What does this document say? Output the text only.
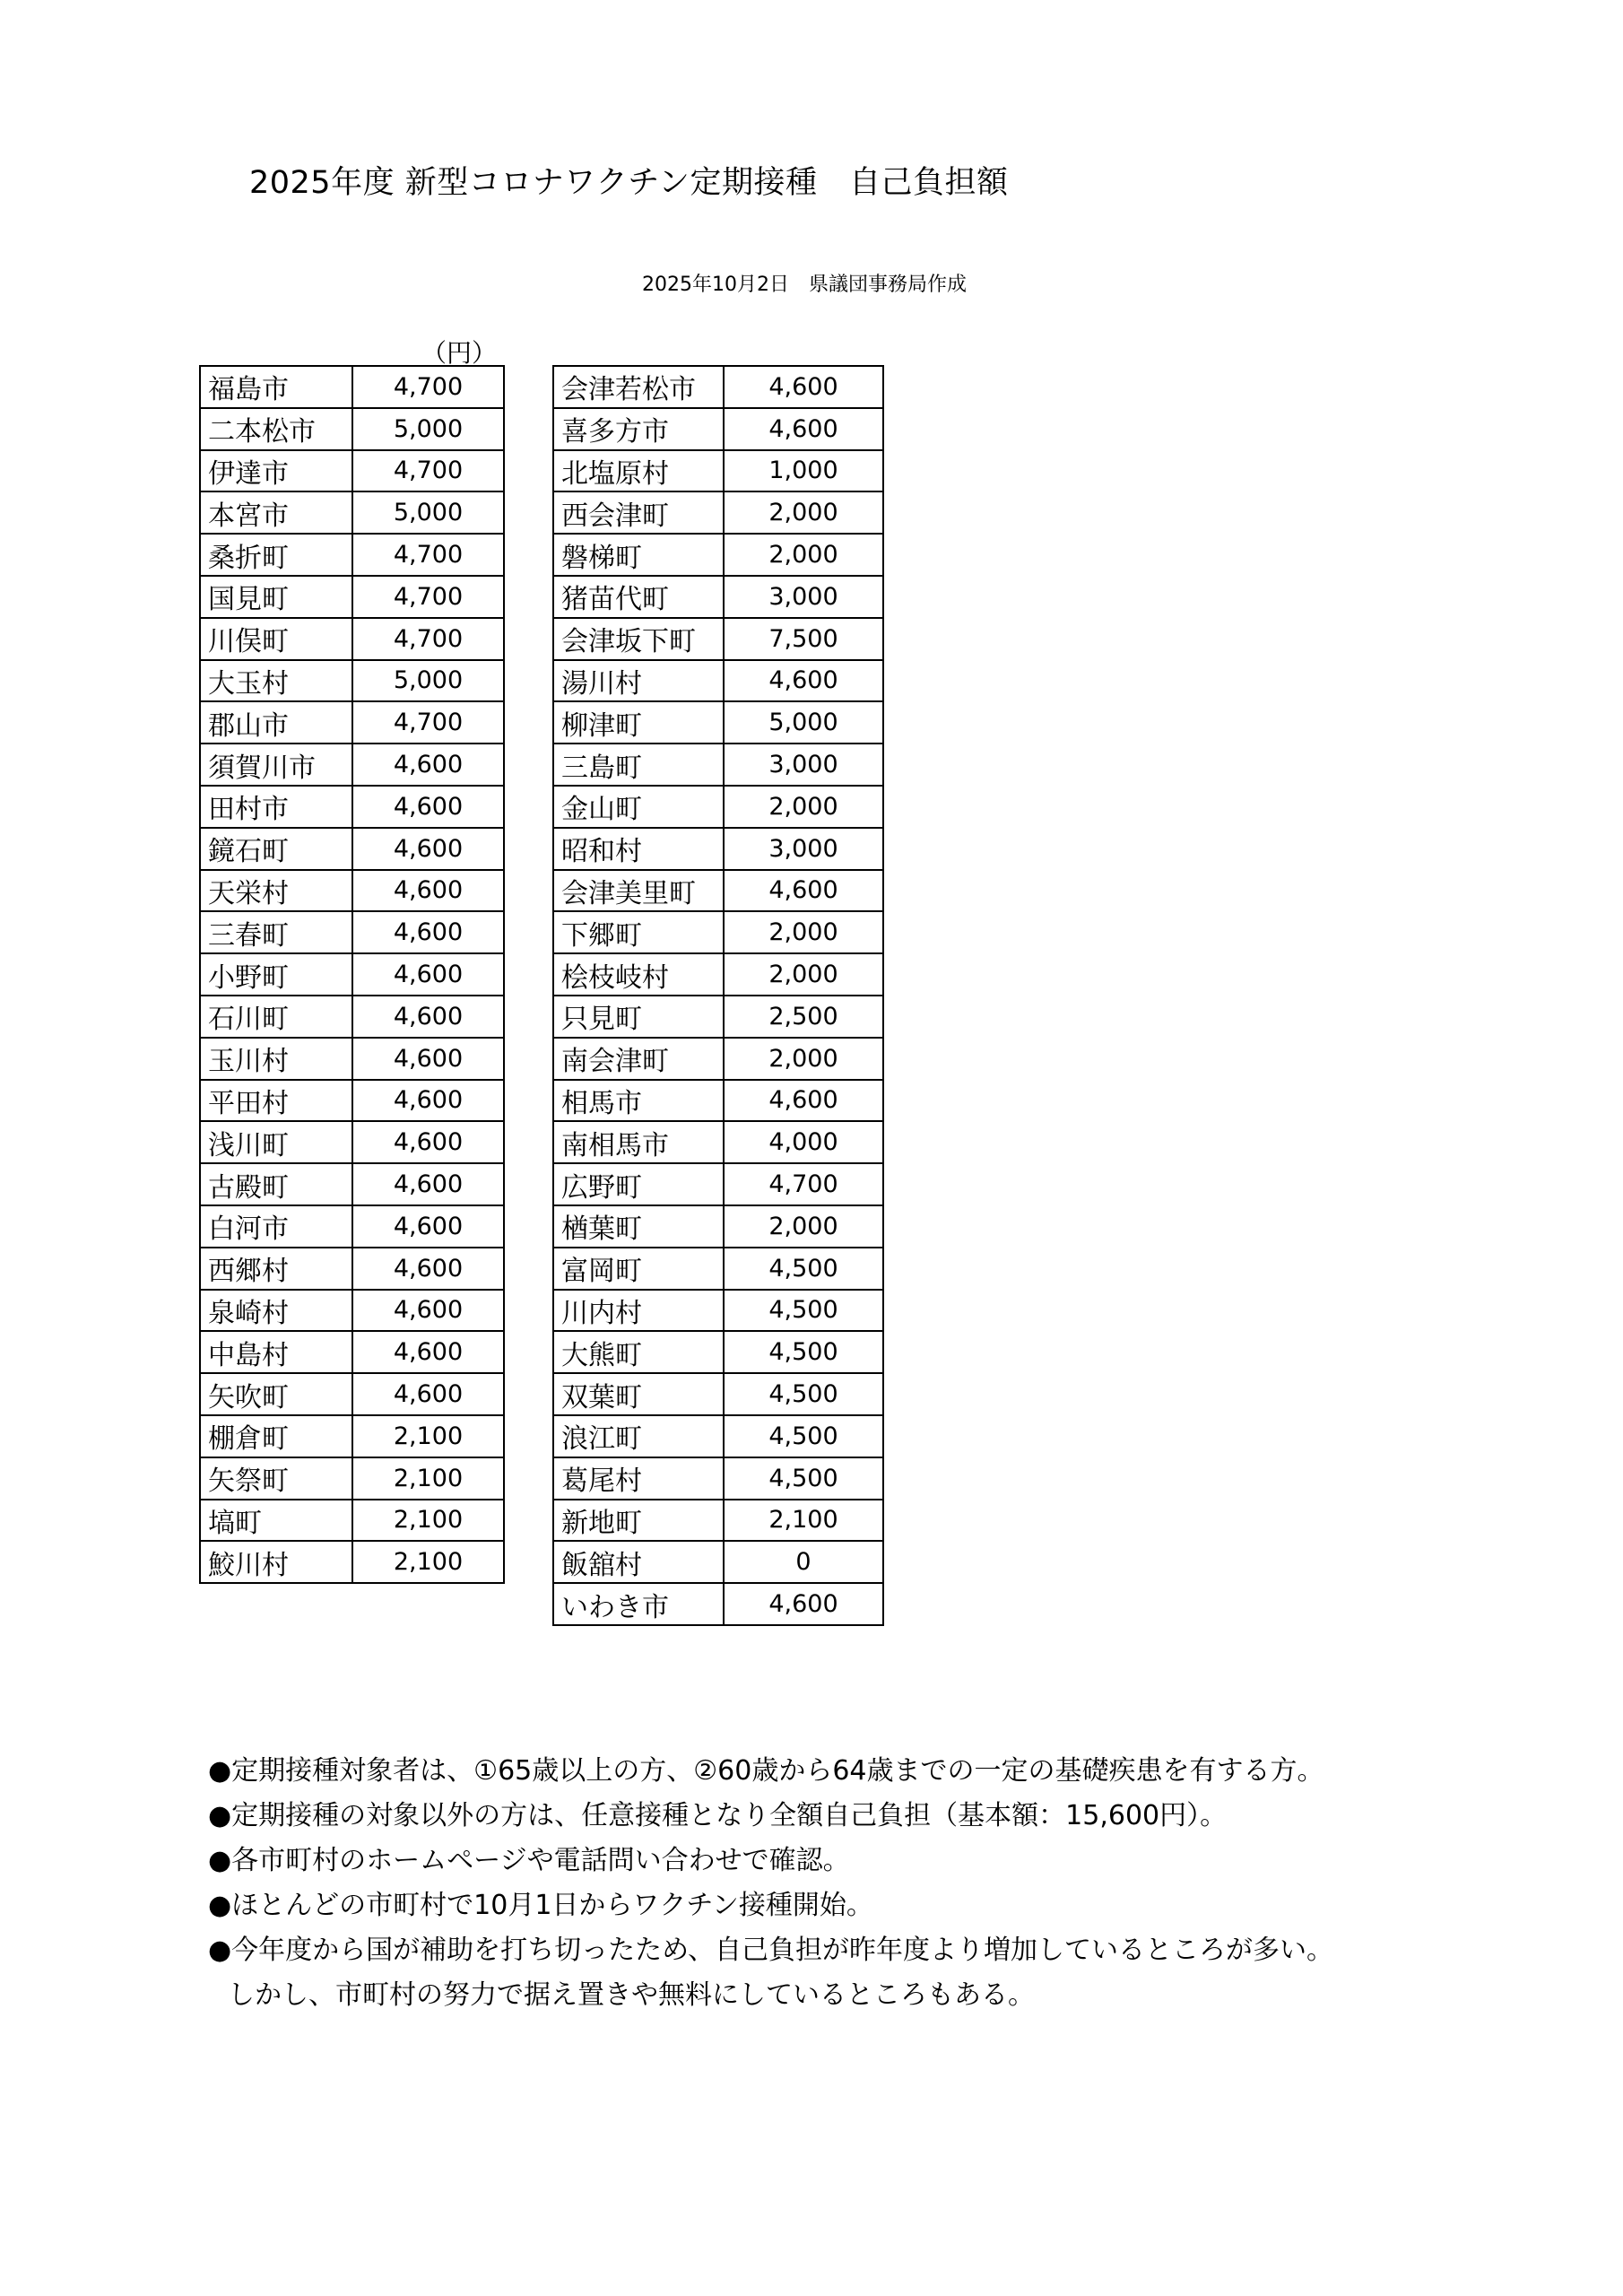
2025年度 新型コロナワクチン定期接種　自己負担額
2025年10月2日　県議団事務局作成
（円）
福島市	4,700
二本松市	5,000
伊達市	4,700
本宮市	5,000
桑折町	4,700
国見町	4,700
川俣町	4,700
大玉村	5,000
郡山市	4,700
須賀川市	4,600
田村市	4,600
鏡石町	4,600
天栄村	4,600
三春町	4,600
小野町	4,600
石川町	4,600
玉川村	4,600
平田村	4,600
浅川町	4,600
古殿町	4,600
白河市	4,600
西郷村	4,600
泉崎村	4,600
中島村	4,600
矢吹町	4,600
棚倉町	2,100
矢祭町	2,100
塙町	2,100
鮫川村	2,100
会津若松市	4,600
喜多方市	4,600
北塩原村	1,000
西会津町	2,000
磐梯町	2,000
猪苗代町	3,000
会津坂下町	7,500
湯川村	4,600
柳津町	5,000
三島町	3,000
金山町	2,000
昭和村	3,000
会津美里町	4,600
下郷町	2,000
桧枝岐村	2,000
只見町	2,500
南会津町	2,000
相馬市	4,600
南相馬市	4,000
広野町	4,700
楢葉町	2,000
富岡町	4,500
川内村	4,500
大熊町	4,500
双葉町	4,500
浪江町	4,500
葛尾村	4,500
新地町	2,100
飯舘村	0
いわき市	4,600
●定期接種対象者は、①65歳以上の方、②60歳から64歳までの一定の基礎疾患を有する方。
●定期接種の対象以外の方は、任意接種となり全額自己負担（基本額：15,600円）。
●各市町村のホームページや電話問い合わせで確認。
●ほとんどの市町村で10月1日からワクチン接種開始。
●今年度から国が補助を打ち切ったため、自己負担が昨年度より増加しているところが多い。
しかし、市町村の努力で据え置きや無料にしているところもある。
